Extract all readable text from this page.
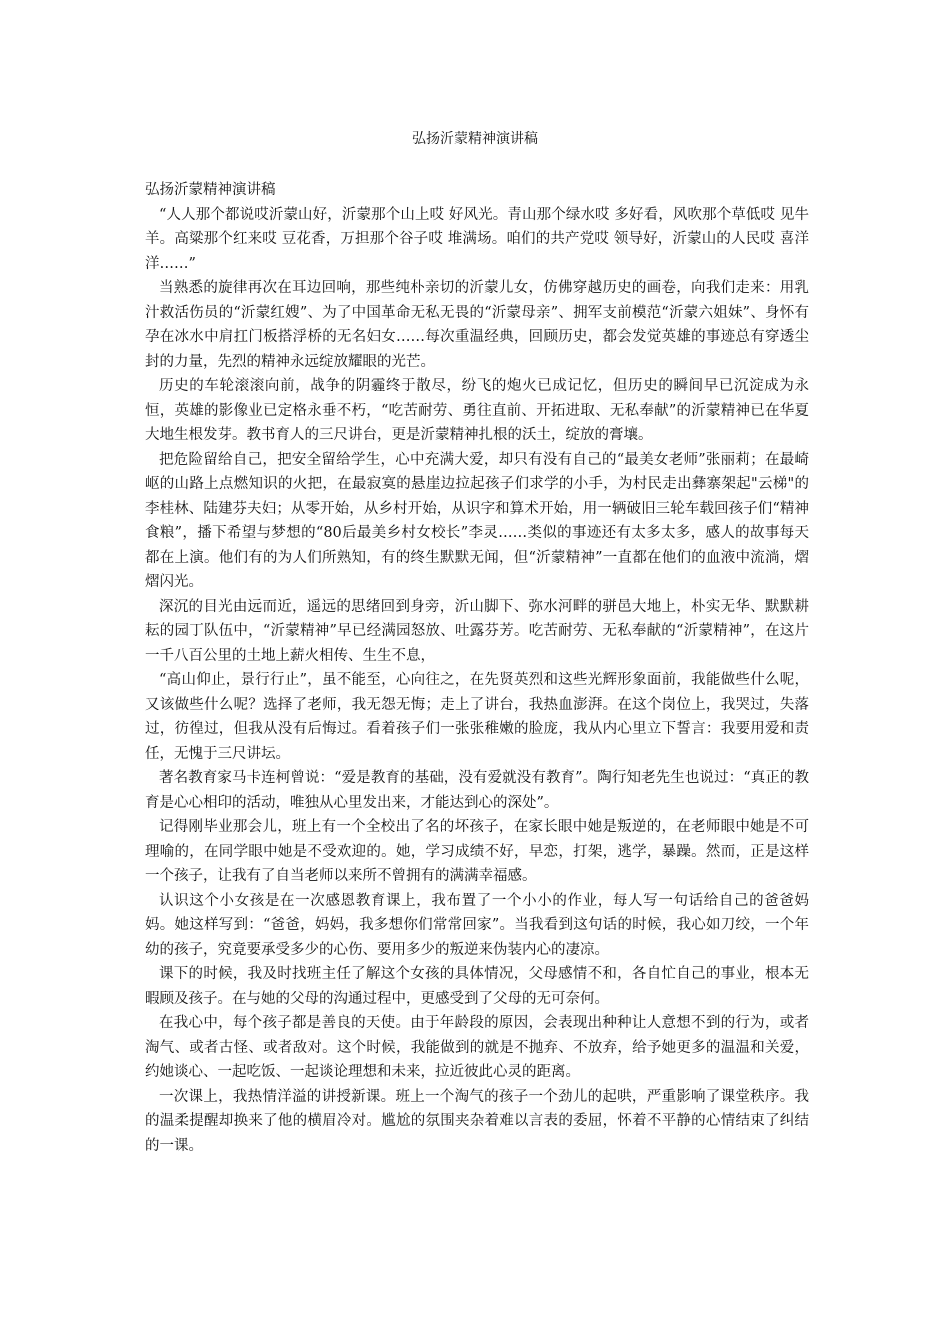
弘扬沂蒙精神演讲稿

弘扬沂蒙精神演讲稿

“人人那个都说哎沂蒙山好，沂蒙那个山上哎 好风光。青山那个绿水哎 多好看，风吹那个草低哎 见牛羊。高粱那个红来哎 豆花香，万担那个谷子哎 堆满场。咱们的共产党哎 领导好，沂蒙山的人民哎 喜洋洋……”

当熟悉的旋律再次在耳边回响，那些纯朴亲切的沂蒙儿女，仿佛穿越历史的画卷，向我们走来：用乳汁救活伤员的“沂蒙红嫂”、为了中国革命无私无畏的“沂蒙母亲”、拥军支前模范“沂蒙六姐妹”、身怀有孕在冰水中肩扛门板搭浮桥的无名妇女……每次重温经典，回顾历史，都会发觉英雄的事迹总有穿透尘封的力量，先烈的精神永远绽放耀眼的光芒。

历史的车轮滚滚向前，战争的阴霾终于散尽，纷飞的炮火已成记忆，但历史的瞬间早已沉淀成为永恒，英雄的影像业已定格永垂不朽，“吃苦耐劳、勇往直前、开拓进取、无私奉献”的沂蒙精神已在华夏大地生根发芽。教书育人的三尺讲台，更是沂蒙精神扎根的沃土，绽放的膏壤。

把危险留给自己，把安全留给学生，心中充满大爱，却只有没有自己的“最美女老师”张丽莉；在最崎岖的山路上点燃知识的火把，在最寂寞的悬崖边拉起孩子们求学的小手，为村民走出彝寨架起"云梯"的李桂林、陆建芬夫妇；从零开始，从乡村开始，从识字和算术开始，用一辆破旧三轮车载回孩子们“精神食粮”，播下希望与梦想的“80后最美乡村女校长”李灵……类似的事迹还有太多太多，感人的故事每天都在上演。他们有的为人们所熟知，有的终生默默无闻，但“沂蒙精神”一直都在他们的血液中流淌，熠熠闪光。

深沉的目光由远而近，遥远的思绪回到身旁，沂山脚下、弥水河畔的骈邑大地上，朴实无华、默默耕耘的园丁队伍中，“沂蒙精神”早已经满园怒放、吐露芬芳。吃苦耐劳、无私奉献的“沂蒙精神”，在这片一千八百公里的土地上薪火相传、生生不息，

“高山仰止，景行行止”，虽不能至，心向往之，在先贤英烈和这些光辉形象面前，我能做些什么呢，又该做些什么呢？选择了老师，我无怨无悔；走上了讲台，我热血澎湃。在这个岗位上，我哭过，失落过，彷徨过，但我从没有后悔过。看着孩子们一张张稚嫩的脸庞，我从内心里立下誓言：我要用爱和责任，无愧于三尺讲坛。

著名教育家马卡连柯曾说：“爱是教育的基础，没有爱就没有教育”。陶行知老先生也说过：“真正的教育是心心相印的活动，唯独从心里发出来，才能达到心的深处”。

记得刚毕业那会儿，班上有一个全校出了名的坏孩子，在家长眼中她是叛逆的，在老师眼中她是不可理喻的，在同学眼中她是不受欢迎的。她，学习成绩不好，早恋，打架，逃学，暴躁。然而，正是这样一个孩子，让我有了自当老师以来所不曾拥有的满满幸福感。

认识这个小女孩是在一次感恩教育课上，我布置了一个小小的作业，每人写一句话给自己的爸爸妈妈。她这样写到：“爸爸，妈妈，我多想你们常常回家”。当我看到这句话的时候，我心如刀绞，一个年幼的孩子，究竟要承受多少的心伤、要用多少的叛逆来伪装内心的凄凉。

课下的时候，我及时找班主任了解这个女孩的具体情况，父母感情不和，各自忙自己的事业，根本无暇顾及孩子。在与她的父母的沟通过程中，更感受到了父母的无可奈何。

在我心中，每个孩子都是善良的天使。由于年龄段的原因，会表现出种种让人意想不到的行为，或者淘气、或者古怪、或者敌对。这个时候，我能做到的就是不抛弃、不放弃，给予她更多的温温和关爱，约她谈心、一起吃饭、一起谈论理想和未来，拉近彼此心灵的距离。

一次课上，我热情洋溢的讲授新课。班上一个淘气的孩子一个劲儿的起哄，严重影响了课堂秩序。我的温柔提醒却换来了他的横眉冷对。尴尬的氛围夹杂着难以言表的委屈，怀着不平静的心情结束了纠结的一课。
